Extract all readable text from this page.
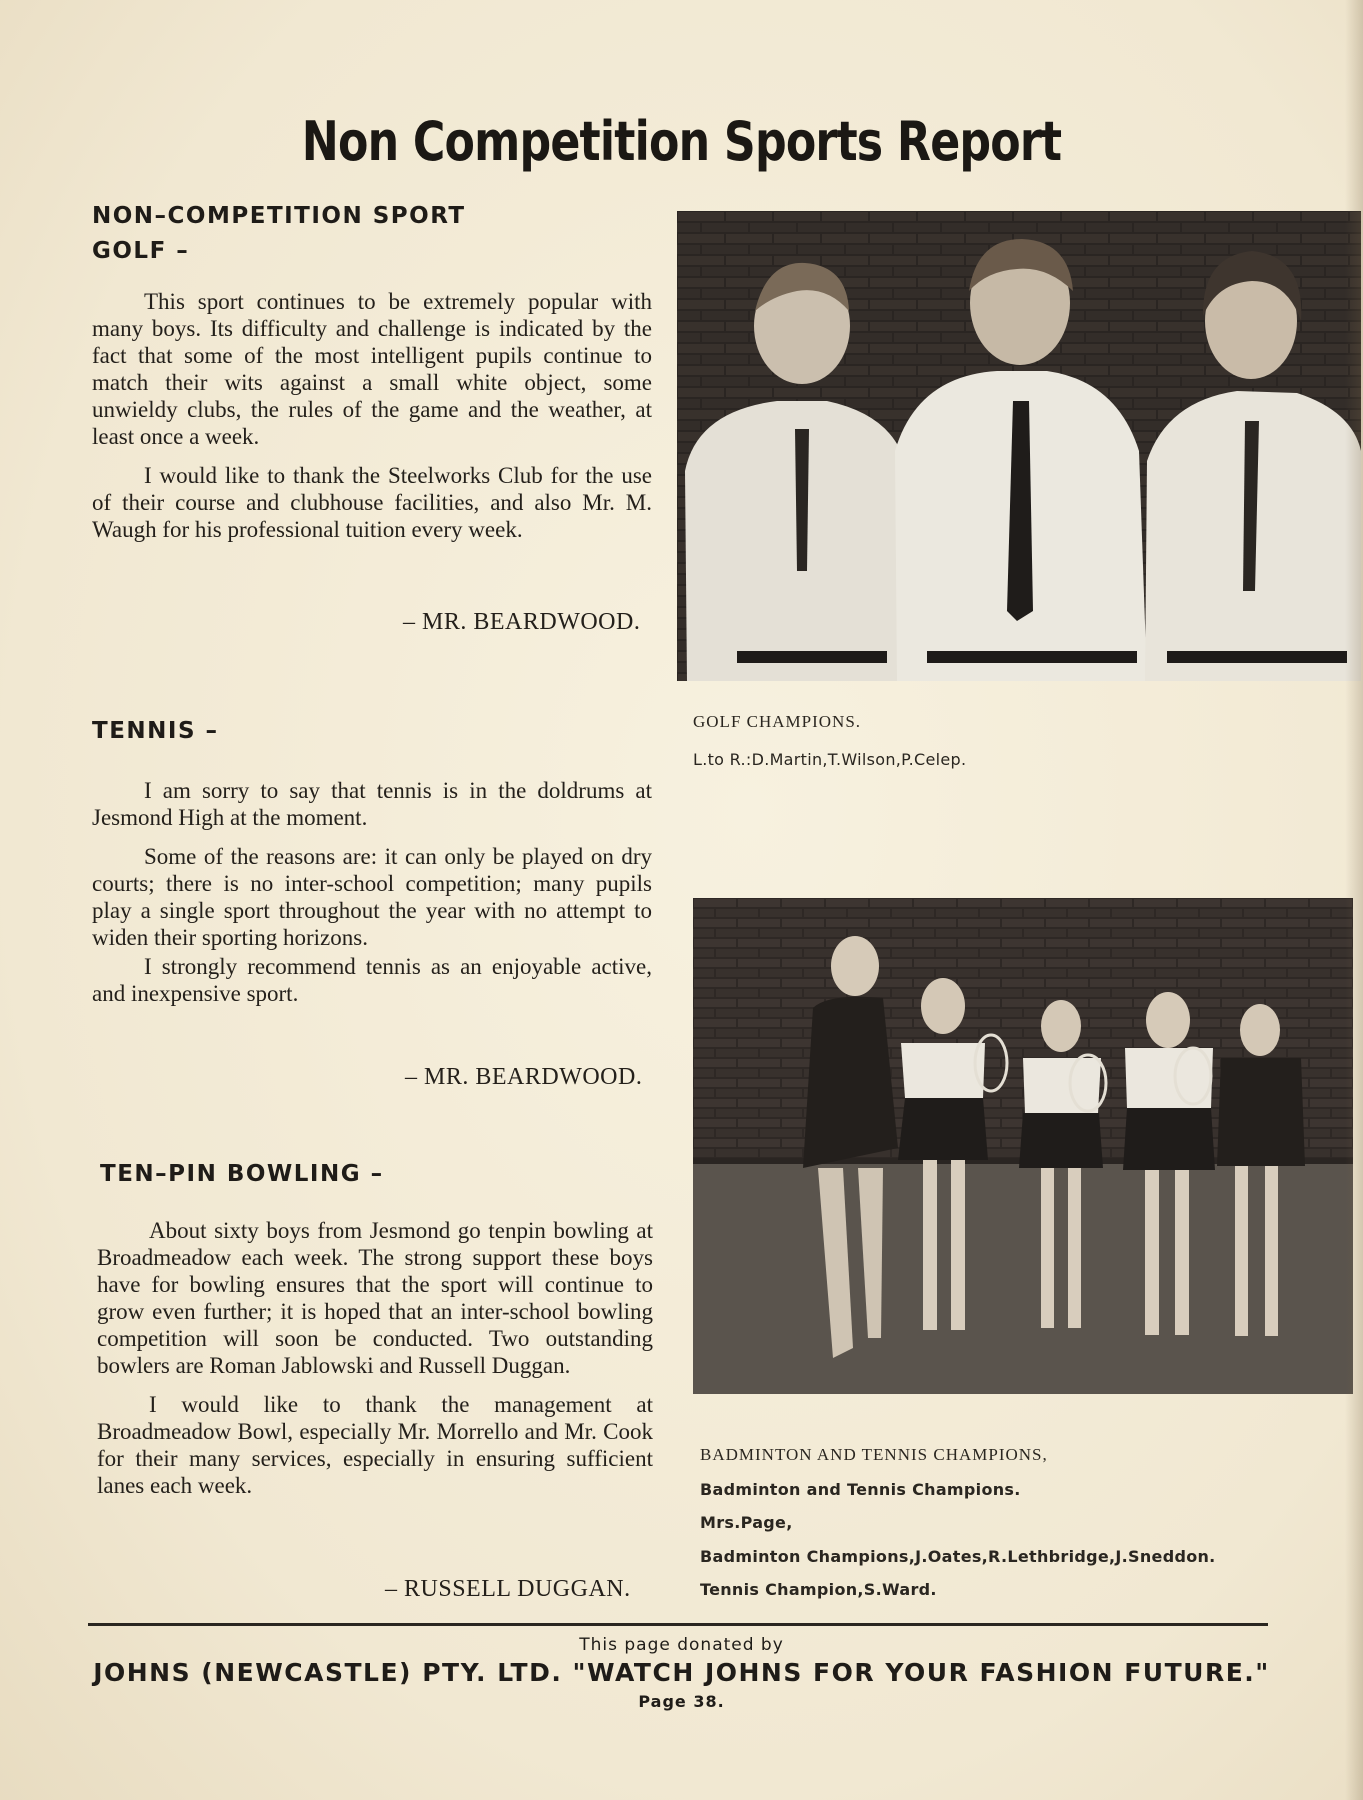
Non Competition Sports Report
NON–COMPETITION SPORT
GOLF –

This sport continues to be extremely popular with many boys. Its difficulty and challenge is indicated by the fact that some of the most intelligent pupils continue to match their wits against a small white object, some unwieldy clubs, the rules of the game and the weather, at least once a week.

I would like to thank the Steelworks Club for the use of their course and clubhouse facilities, and also Mr. M. Waugh for his professional tuition every week.

– MR. BEARDWOOD.
TENNIS –

I am sorry to say that tennis is in the doldrums at Jesmond High at the moment.

Some of the reasons are: it can only be played on dry courts; there is no inter-school competition; many pupils play a single sport throughout the year with no attempt to widen their sporting horizons.

I strongly recommend tennis as an enjoyable active, and inexpensive sport.

– MR. BEARDWOOD.
TEN–PIN BOWLING –

About sixty boys from Jesmond go tenpin bowling at Broadmeadow each week. The strong support these boys have for bowling ensures that the sport will continue to grow even further; it is hoped that an inter-school bowling competition will soon be conducted. Two outstanding bowlers are Roman Jablowski and Russell Duggan.

I would like to thank the management at Broadmeadow Bowl, especially Mr. Morrello and Mr. Cook for their many services, especially in ensuring sufficient lanes each week.

– RUSSELL DUGGAN.
GOLF CHAMPIONS.
L.to R.:D.Martin,T.Wilson,P.Celep.
BADMINTON AND TENNIS CHAMPIONS,
Badminton and Tennis Champions.
Mrs.Page,
Badminton Champions,J.Oates,R.Lethbridge,J.Sneddon.
Tennis Champion,S.Ward.
This page donated by
JOHNS (NEWCASTLE) PTY. LTD. "WATCH JOHNS FOR YOUR FASHION FUTURE."
Page 38.
